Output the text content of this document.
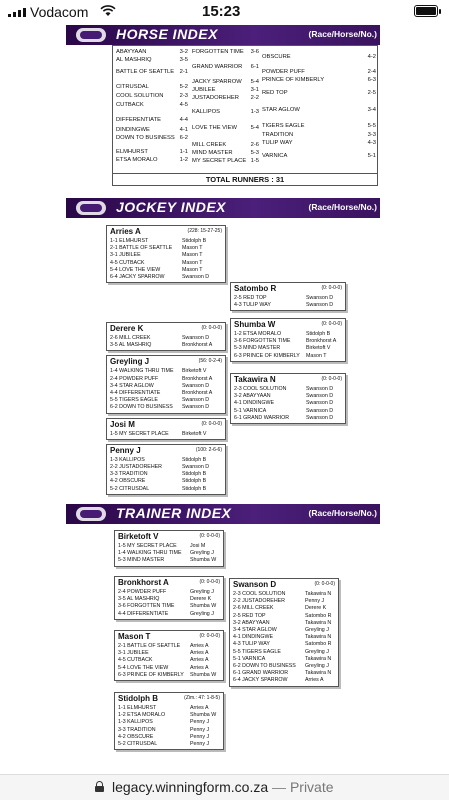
Vodacom	15:23
HORSE INDEX	(Race/Horse/No.)
TOTAL RUNNERS : 31
ABAYYAAN	3-2
AL MASHRIQ	3-5
BATTLE OF SEATTLE 2-1
CITRUSDAL	5-2
COOL SOLUTION	2-3
CUTBACK	4-5
DIFFERENTIATE	4-4
DINDINGWE	4-1
DOWN TO BUSINESS 6-2
ELMHURST	1-1
ETSA MORALO	1-2
FORGOTTEN TIME 3-6
GRAND WARRIOR 6-1
JACKY SPARROW 5-4
JUBILEE	3-1
JUSTADOREHER 2-2
KALLIPOS	1-3
LOVE THE VIEW 5-4
MILL CREEK	2-6
MIND MASTER	5-3
MY SECRET PLACE 1-5
OBSCURE	4-2
POWDER PUFF	2-4
PRINCE OF KIMBERLY	6-3
RED TOP	2-5
STAR AGLOW	3-4
TIGERS EAGLE	5-5
TRADITION	3-3
TULIP WAY	4-3
VARNICA	5-1
JOCKEY INDEX	(Race/Horse/No.)
TRAINER INDEX	(Race/Horse/No.)
Arries A	(228: 15-27-25)
1-1 ELMHURST	Stidolph B
2-1 BATTLE OF SEATTLE Mason T
3-1 JUBILEE	Mason T
4-5 CUTBACK	Mason T
5-4 LOVE THE VIEW	Mason T
6-4 JACKY SPARROW	Swanson D
Derere K	(0: 0-0-0)
2-6 MILL CREEK	Swanson D
3-5 AL MASHRIQ	Bronkhorst A
Greyling J	(56: 0-2-4)
1-4 WALKING THRU TIME Birketoft V
2-4 POWDER PUFF	Bronkhorst A
3-4 STAR AGLOW	Swanson D
4-4 DIFFERENTIATE	Bronkhorst A
5-5 TIGERS EAGLE	Swanson D
6-2 DOWN TO BUSINESS Swanson D
Josi M	(0: 0-0-0)
1-5 MY SECRET PLACE	Birketoft V
Penny J	(100: 2-6-6)
1-3 KALLIPOS	Stidolph B
2-2 JUSTADOREHER	Swanson D
3-3 TRADITION	Stidolph B
4-2 OBSCURE	Stidolph B
5-2 CITRUSDAL	Stidolph B
Satombo R	(0: 0-0-0)
2-5 RED TOP	Swanson D
4-3 TULIP WAY	Swanson D
Shumba W	(0: 0-0-0)
1-2 ETSA MORALO	Stidolph B
3-6 FORGOTTEN TIME	Bronkhorst A
5-3 MIND MASTER	Birketoft V
6-3 PRINCE OF KIMBERLY Mason T
Takawira N	(0: 0-0-0)
2-3 COOL SOLUTION	Swanson D
3-2 ABAYYAAN	Swanson D
4-1 DINDINGWE	Swanson D
5-1 VARNICA	Swanson D
6-1 GRAND WARRIOR	Swanson D
Birketoft V	(0: 0-0-0)
1-5 MY SECRET PLACE	Josi M
1-4 WALKING THRU TIME Greyling J
5-3 MIND MASTER	Shumba W
Bronkhorst A	(0: 0-0-0)
2-4 POWDER PUFF	Greyling J
3-5 AL MASHRIQ	Derere K
3-6 FORGOTTEN TIME	Shumba W
4-4 DIFFERENTIATE	Greyling J
Mason T	(0: 0-0-0)
2-1 BATTLE OF SEATTLE Arries A
3-1 JUBILEE	Arries A
4-5 CUTBACK	Arries A
5-4 LOVE THE VIEW	Arries A
6-3 PRINCE OF KIMBERLY Shumba W
Stidolph B	(Zim.: 47: 1-8-5)
1-1 ELMHURST	Arries A
1-2 ETSA MORALO	Shumba W
1-3 KALLIPOS	Penny J
3-3 TRADITION	Penny J
4-2 OBSCURE	Penny J
5-2 CITRUSDAL	Penny J
Swanson D	(0: 0-0-0)
2-3 COOL SOLUTION	Takawira N
2-2 JUSTADOREHER	Penny J
2-6 MILL CREEK	Derere K
2-5 RED TOP	Satombo R
3-2 ABAYYAAN	Takawira N
3-4 STAR AGLOW	Greyling J
4-1 DINDINGWE	Takawira N
4-3 TULIP WAY	Satombo R
5-5 TIGERS EAGLE	Greyling J
5-1 VARNICA	Takawira N
6-2 DOWN TO BUSINESS Greyling J
6-1 GRAND WARRIOR	Takawira N
6-4 JACKY SPARROW	Arries A
legacy.winningform.co.za — Private
